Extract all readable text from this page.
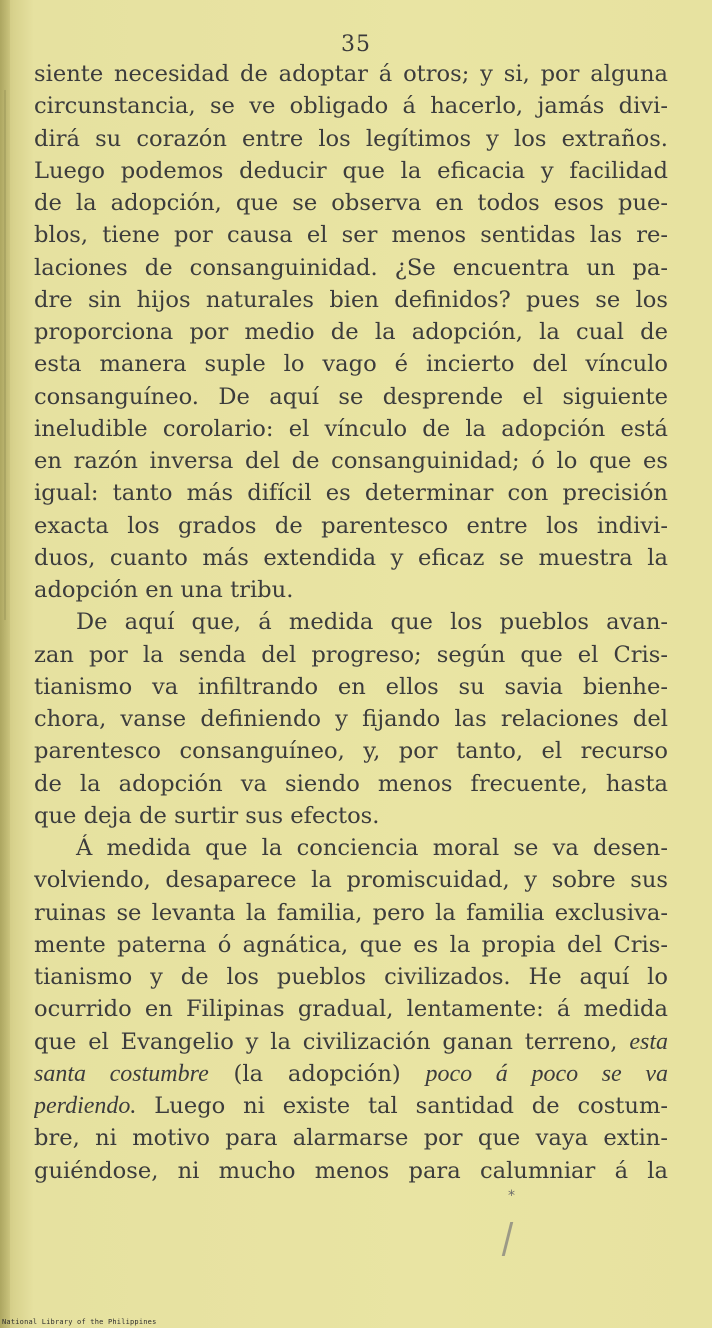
35
siente necesidad de adoptar á otros; y si, por alguna
circunstancia, se ve obligado á hacerlo, jamás divi-
dirá su corazón entre los legítimos y los extraños.
Luego podemos deducir que la eficacia y facilidad
de la adopción, que se observa en todos esos pue-
blos, tiene por causa el ser menos sentidas las re-
laciones de consanguinidad. ¿Se encuentra un pa-
dre sin hijos naturales bien definidos? pues se los
proporciona por medio de la adopción, la cual de
esta manera suple lo vago é incierto del vínculo
consanguíneo. De aquí se desprende el siguiente
ineludible corolario: el vínculo de la adopción está
en razón inversa del de consanguinidad; ó lo que es
igual: tanto más difícil es determinar con precisión
exacta los grados de parentesco entre los indivi-
duos, cuanto más extendida y eficaz se muestra la
adopción en una tribu.
De aquí que, á medida que los pueblos avan-
zan por la senda del progreso; según que el Cris-
tianismo va infiltrando en ellos su savia bienhe-
chora, vanse definiendo y fijando las relaciones del
parentesco consanguíneo, y, por tanto, el recurso
de la adopción va siendo menos frecuente, hasta
que deja de surtir sus efectos.
Á medida que la conciencia moral se va desen-
volviendo, desaparece la promiscuidad, y sobre sus
ruinas se levanta la familia, pero la familia exclusiva-
mente paterna ó agnática, que es la propia del Cris-
tianismo y de los pueblos civilizados. He aquí lo
ocurrido en Filipinas gradual, lentamente: á medida
que el Evangelio y la civilización ganan terreno, esta
santa costumbre (la adopción) poco á poco se va
perdiendo. Luego ni existe tal santidad de costum-
bre, ni motivo para alarmarse por que vaya extin-
guiéndose, ni mucho menos para calumniar á la
*
National Library of the Philippines
